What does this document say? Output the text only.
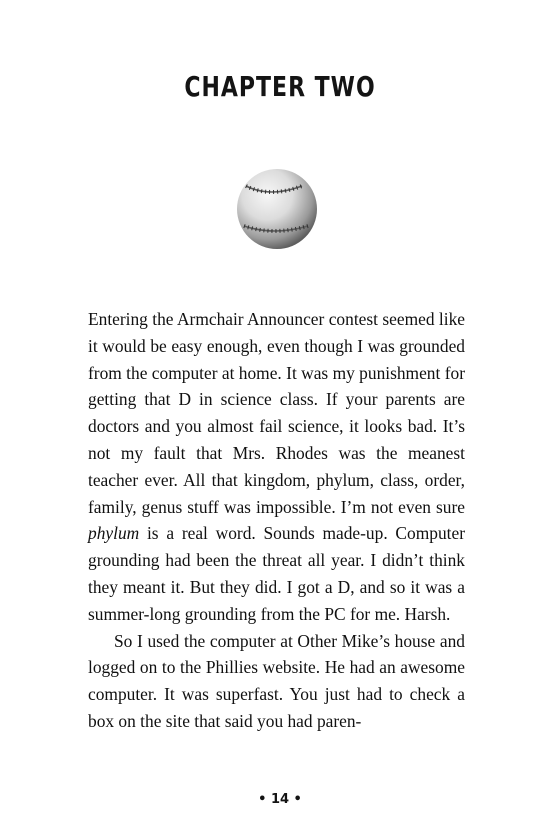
CHAPTER TWO

Entering the Armchair Announcer contest seemed like it would be easy enough, even though I was grounded from the computer at home. It was my punishment for getting that D in science class. If your parents are doctors and you almost fail science, it looks bad. It’s not my fault that Mrs. Rhodes was the meanest teacher ever. All that kingdom, phylum, class, order, family, genus stuff was impossible. I’m not even sure phylum is a real word. Sounds made-up. Computer grounding had been the threat all year. I didn’t think they meant it. But they did. I got a D, and so it was a summer-long grounding from the PC for me. Harsh.

So I used the computer at Other Mike’s house and logged on to the Phillies website. He had an awesome computer. It was superfast. You just had to check a box on the site that said you had paren-

• 14 •
